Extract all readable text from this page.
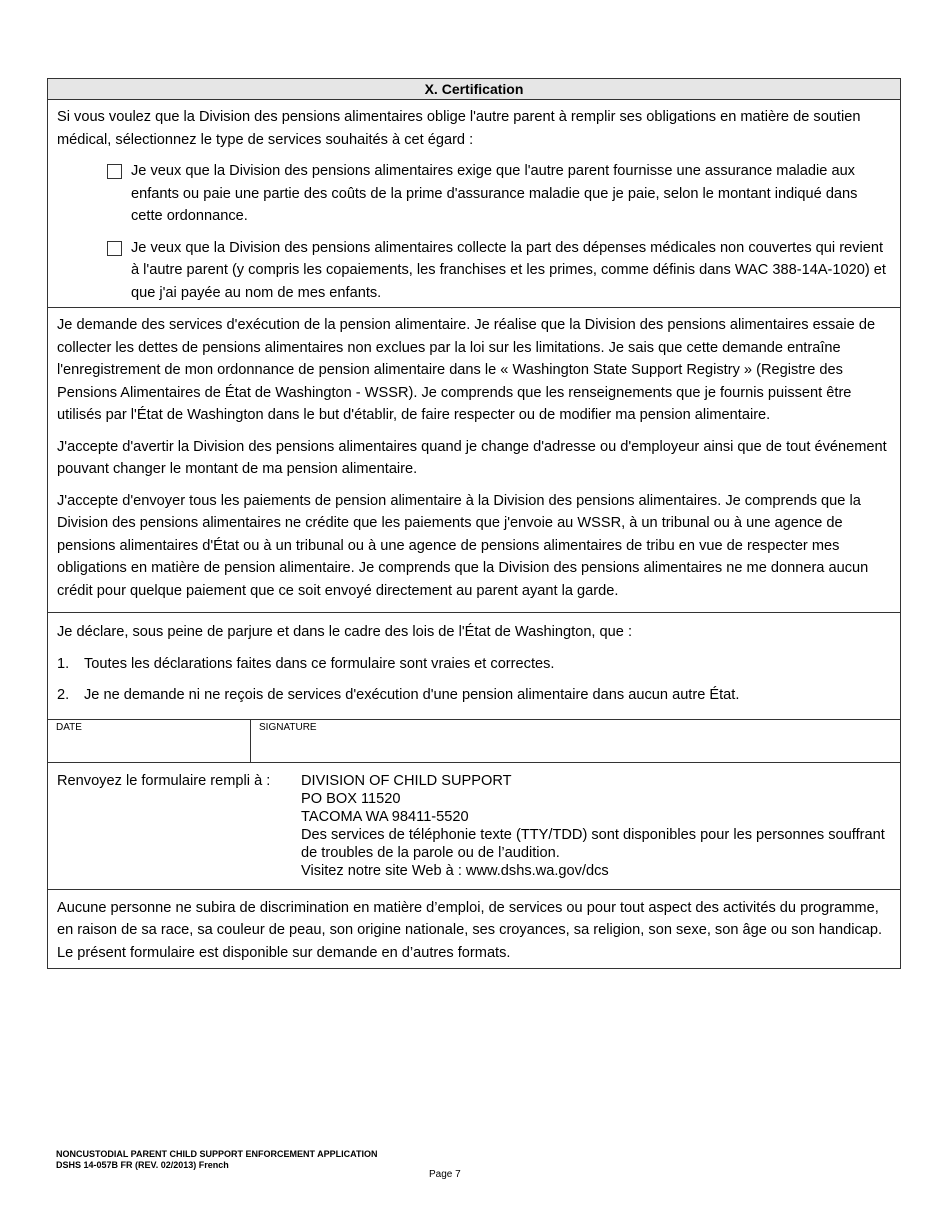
X. Certification

Si vous voulez que la Division des pensions alimentaires oblige l'autre parent à remplir ses obligations en matière de soutien médical, sélectionnez le type de services souhaités à cet égard :

Je veux que la Division des pensions alimentaires exige que l'autre parent fournisse une assurance maladie aux enfants ou paie une partie des coûts de la prime d'assurance maladie que je paie, selon le montant indiqué dans cette ordonnance.

Je veux que la Division des pensions alimentaires collecte la part des dépenses médicales non couvertes qui revient à l'autre parent (y compris les copaiements, les franchises et les primes, comme définis dans WAC 388-14A-1020) et que j'ai payée au nom de mes enfants.

Je demande des services d'exécution de la pension alimentaire. Je réalise que la Division des pensions alimentaires essaie de collecter les dettes de pensions alimentaires non exclues par la loi sur les limitations. Je sais que cette demande entraîne l'enregistrement de mon ordonnance de pension alimentaire dans le « Washington State Support Registry » (Registre des Pensions Alimentaires de État de Washington - WSSR). Je comprends que les renseignements que je fournis puissent être utilisés par l'État de Washington dans le but d'établir, de faire respecter ou de modifier ma pension alimentaire.

J'accepte d'avertir la Division des pensions alimentaires quand je change d'adresse ou d'employeur ainsi que de tout événement pouvant changer le montant de ma pension alimentaire.

J'accepte d'envoyer tous les paiements de pension alimentaire à la Division des pensions alimentaires. Je comprends que la Division des pensions alimentaires ne crédite que les paiements que j'envoie au WSSR, à un tribunal ou à une agence de pensions alimentaires d'État ou à un tribunal ou à une agence de pensions alimentaires de tribu en vue de respecter mes obligations en matière de pension alimentaire. Je comprends que la Division des pensions alimentaires ne me donnera aucun crédit pour quelque paiement que ce soit envoyé directement au parent ayant la garde.

Je déclare, sous peine de parjure et dans le cadre des lois de l'État de Washington, que :

1.	Toutes les déclarations faites dans ce formulaire sont vraies et correctes.
2.	Je ne demande ni ne reçois de services d'exécution d'une pension alimentaire dans aucun autre État.
DATE	SIGNATURE
Renvoyez le formulaire rempli à :	DIVISION OF CHILD SUPPORT
PO BOX 11520
TACOMA WA 98411-5520
Des services de téléphonie texte (TTY/TDD) sont disponibles pour les personnes souffrant de troubles de la parole ou de l’audition.
Visitez notre site Web à : www.dshs.wa.gov/dcs

Aucune personne ne subira de discrimination en matière d’emploi, de services ou pour tout aspect des activités du programme, en raison de sa race, sa couleur de peau, son origine nationale, ses croyances, sa religion, son sexe, son âge ou son handicap. Le présent formulaire est disponible sur demande en d’autres formats.

NONCUSTODIAL PARENT CHILD SUPPORT ENFORCEMENT APPLICATION
DSHS 14-057B FR (REV. 02/2013) French
Page 7
